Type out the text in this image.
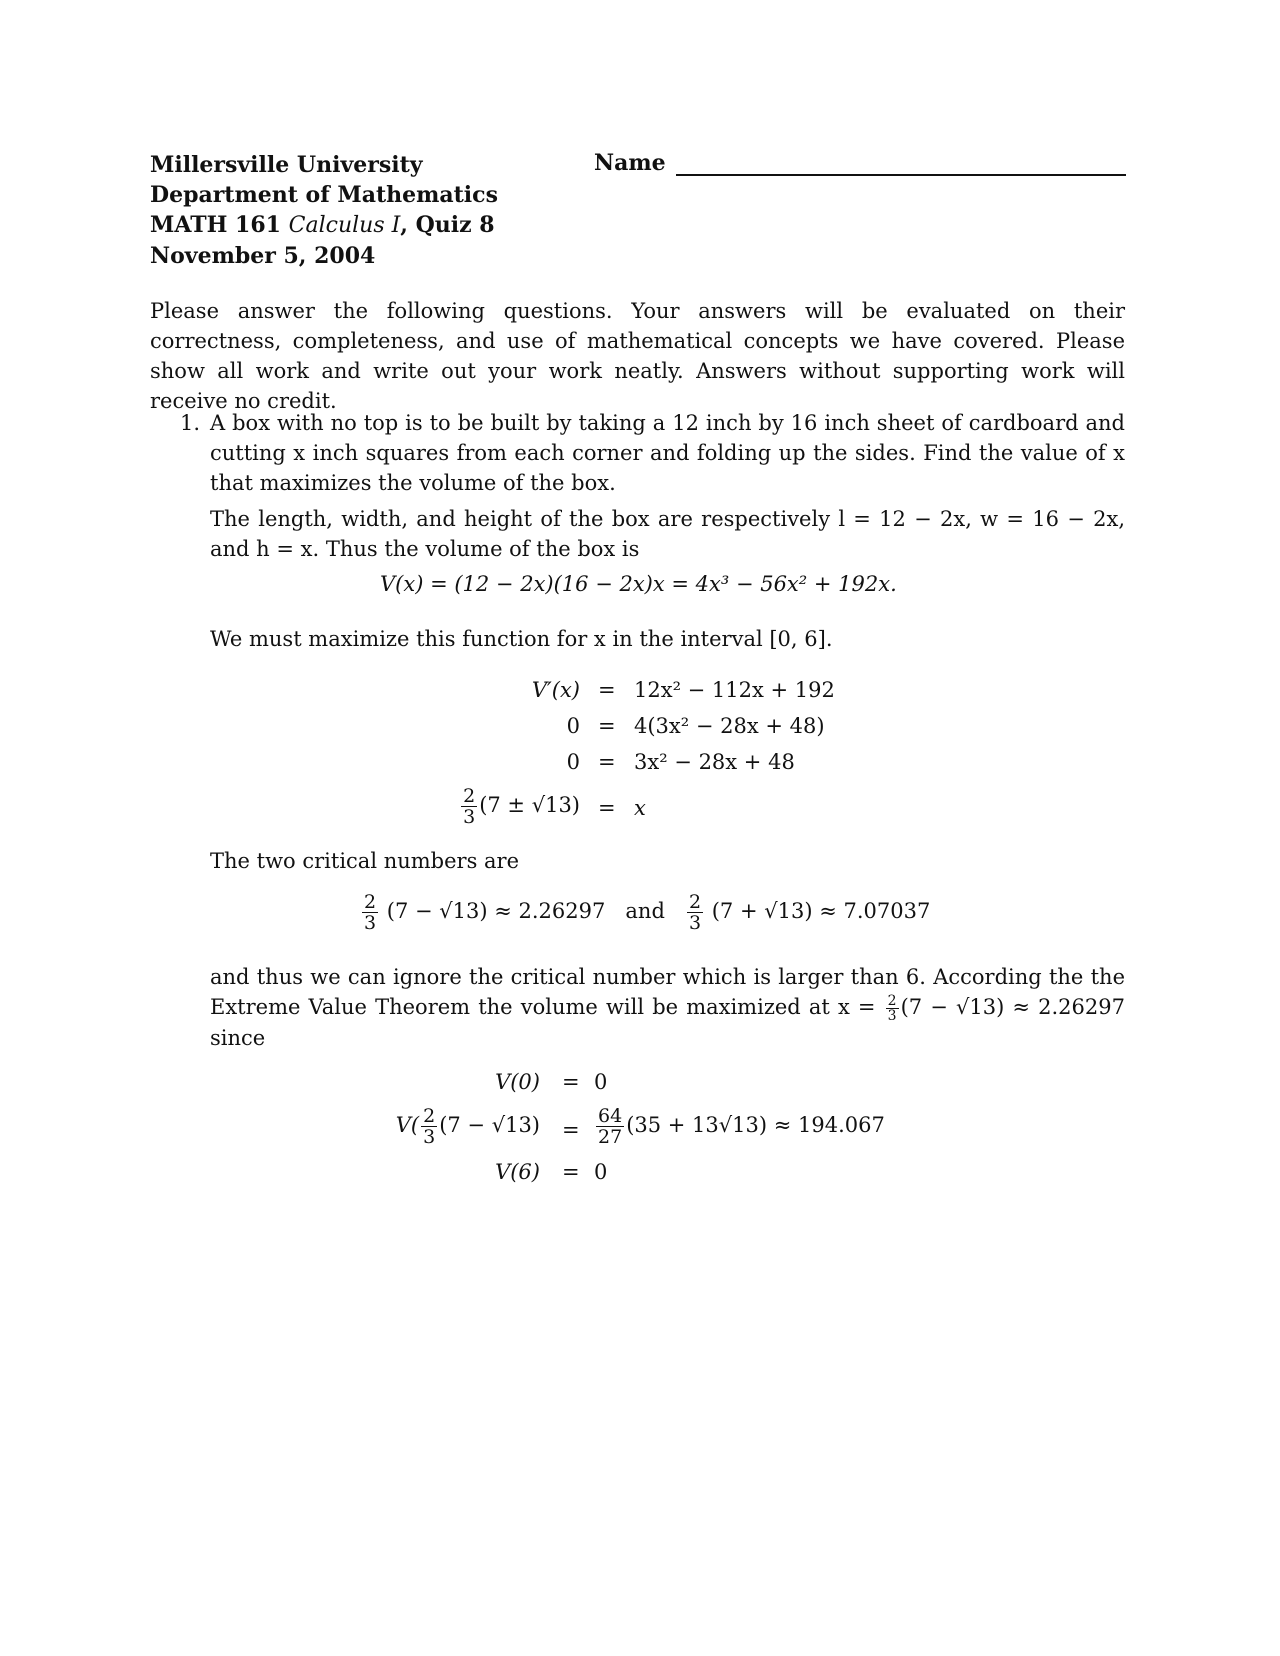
Millersville University
Department of Mathematics
MATH 161 Calculus I, Quiz 8
November 5, 2004
Name
Please answer the following questions. Your answers will be evaluated on their correctness, completeness, and use of mathematical concepts we have covered. Please show all work and write out your work neatly. Answers without supporting work will receive no credit.
1. A box with no top is to be built by taking a 12 inch by 16 inch sheet of cardboard and cutting x inch squares from each corner and folding up the sides. Find the value of x that maximizes the volume of the box.
The length, width, and height of the box are respectively l = 12 − 2x, w = 16 − 2x, and h = x. Thus the volume of the box is
V(x) = (12 − 2x)(16 − 2x)x = 4x³ − 56x² + 192x.
We must maximize this function for x in the interval [0, 6].
V′(x) = 12x² − 112x + 192
0 = 4(3x² − 28x + 48)
0 = 3x² − 28x + 48
$\frac{2}{3} (7 \pm √13) = x$
The two critical numbers are
$\frac{2}{3} (7 - √13) \approx 2.26297$ and $\frac{2}{3} (7 + √13) \approx 7.07037$
and thus we can ignore the critical number which is larger than 6. According the the Extreme Value Theorem the volume will be maximized at $x = \frac{2}{3} (7 - √13) \approx 2.26297$ since
V(0) = 0
$V( \frac{2}{3} (7 - √13) = \frac{64}{27} (35 + 13√13) \approx 194.067$
V(6) = 0
